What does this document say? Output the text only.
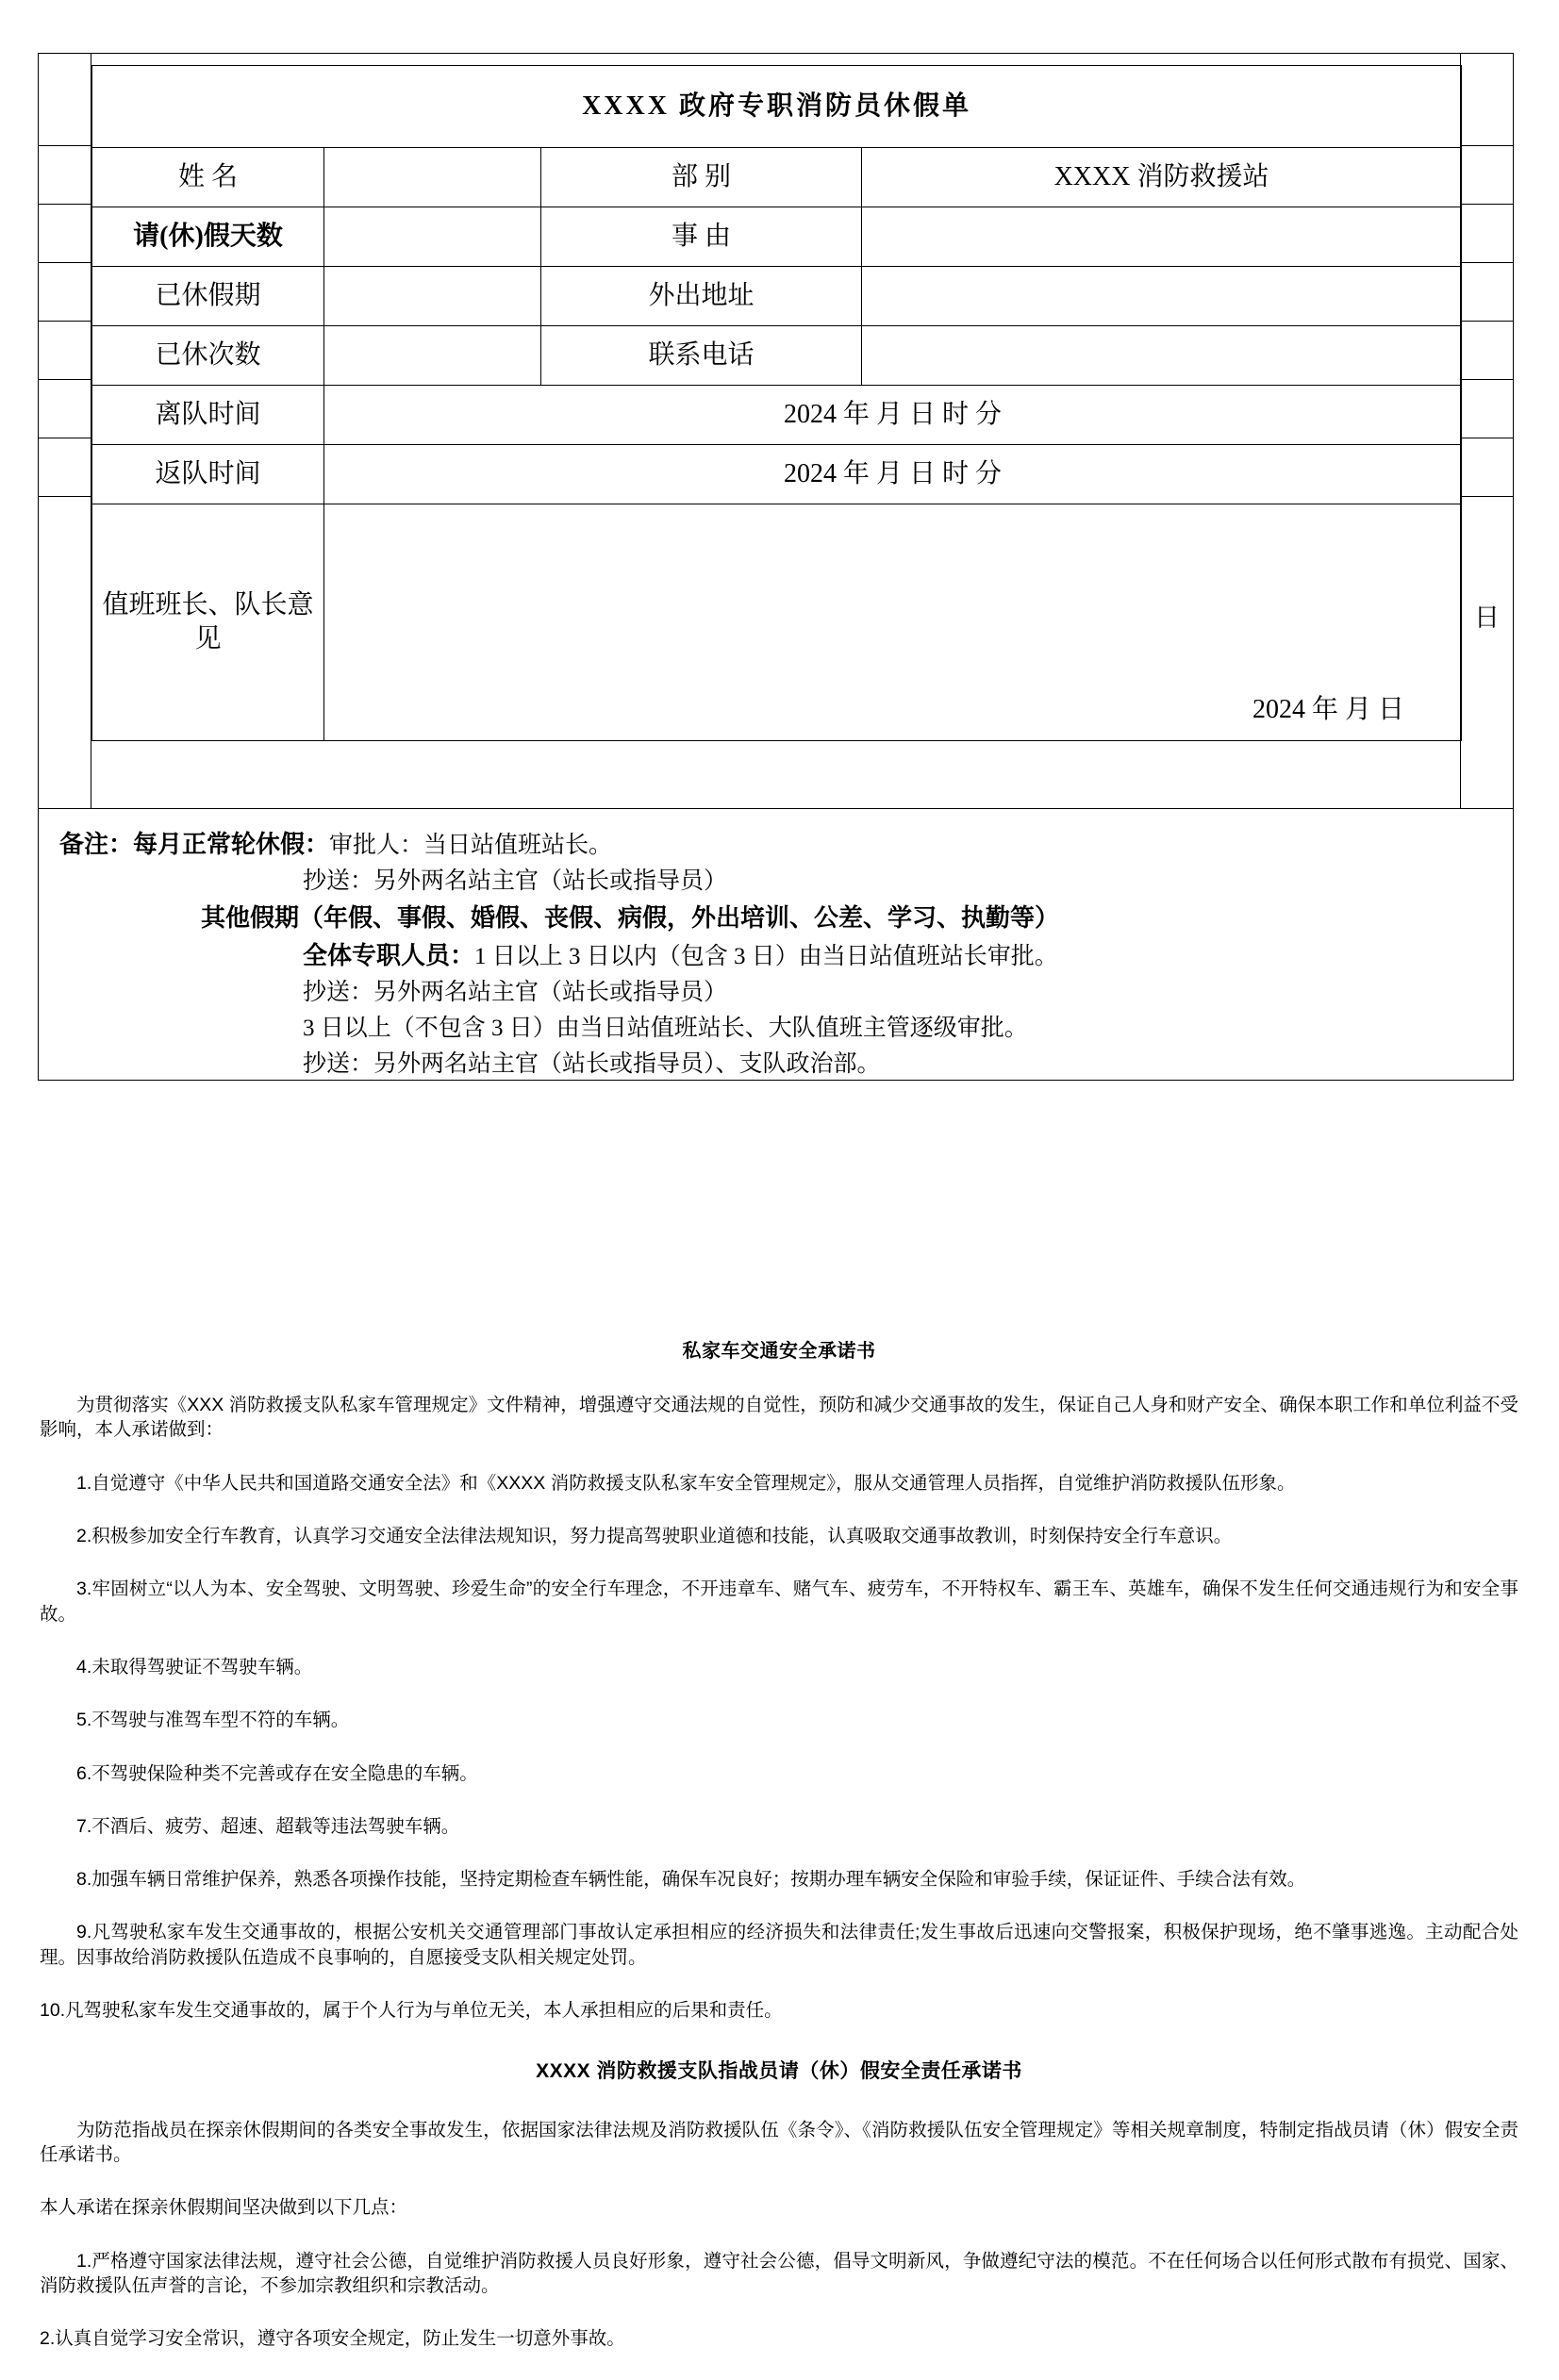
日
XXXX 政府专职消防员休假单			
姓 名		部 别	XXXX 消防救援站
请(休)假天数		事 由	
已休假期		外出地址	
已休次数		联系电话	
离队时间	2024 年 月 日 时 分		
返队时间	2024 年 月 日 时 分		
值班班长、队长意见	2024 年 月 日		
备注：每月正常轮休假：审批人：当日站值班站长。
抄送：另外两名站主官（站长或指导员）
其他假期（年假、事假、婚假、丧假、病假，外出培训、公差、学习、执勤等）
全体专职人员：1 日以上 3 日以内（包含 3 日）由当日站值班站长审批。
抄送：另外两名站主官（站长或指导员）
3 日以上（不包含 3 日）由当日站值班站长、大队值班主管逐级审批。
抄送：另外两名站主官（站长或指导员）、支队政治部。
私家车交通安全承诺书

为贯彻落实《XXX 消防救援支队私家车管理规定》文件精神，增强遵守交通法规的自觉性，预防和减少交通事故的发生，保证自己人身和财产安全、确保本职工作和单位利益不受影响，本人承诺做到：

1.自觉遵守《中华人民共和国道路交通安全法》和《XXXX 消防救援支队私家车安全管理规定》，服从交通管理人员指挥，自觉维护消防救援队伍形象。

2.积极参加安全行车教育，认真学习交通安全法律法规知识，努力提高驾驶职业道德和技能，认真吸取交通事故教训，时刻保持安全行车意识。

3.牢固树立“以人为本、安全驾驶、文明驾驶、珍爱生命”的安全行车理念，不开违章车、赌气车、疲劳车，不开特权车、霸王车、英雄车，确保不发生任何交通违规行为和安全事故。

4.未取得驾驶证不驾驶车辆。

5.不驾驶与准驾车型不符的车辆。

6.不驾驶保险种类不完善或存在安全隐患的车辆。

7.不酒后、疲劳、超速、超载等违法驾驶车辆。

8.加强车辆日常维护保养，熟悉各项操作技能，坚持定期检查车辆性能，确保车况良好；按期办理车辆安全保险和审验手续，保证证件、手续合法有效。

9.凡驾驶私家车发生交通事故的，根据公安机关交通管理部门事故认定承担相应的经济损失和法律责任;发生事故后迅速向交警报案，积极保护现场，绝不肇事逃逸。主动配合处理。因事故给消防救援队伍造成不良事响的，自愿接受支队相关规定处罚。

10.凡驾驶私家车发生交通事故的，属于个人行为与单位无关，本人承担相应的后果和责任。

XXXX 消防救援支队指战员请（休）假安全责任承诺书

为防范指战员在探亲休假期间的各类安全事故发生，依据国家法律法规及消防救援队伍《条令》、《消防救援队伍安全管理规定》等相关规章制度，特制定指战员请（休）假安全责任承诺书。

本人承诺在探亲休假期间坚决做到以下几点：

1.严格遵守国家法律法规，遵守社会公德，自觉维护消防救援人员良好形象，遵守社会公德，倡导文明新风，争做遵纪守法的模范。不在任何场合以任何形式散布有损党、国家、消防救援队伍声誉的言论，不参加宗教组织和宗教活动。

2.认真自觉学习安全常识，遵守各项安全规定，防止发生一切意外事故。
